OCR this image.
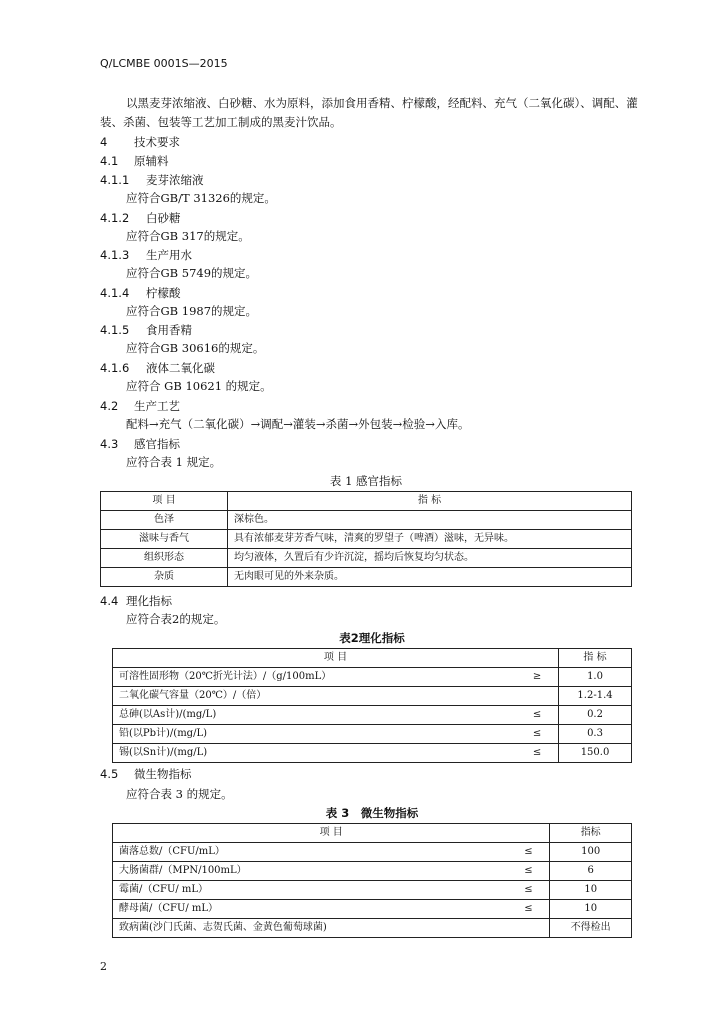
Q/LCMBE 0001S—2015
以黑麦芽浓缩液、白砂糖、水为原料，添加食用香精、柠檬酸，经配料、充气（二氧化碳）、调配、灌装、杀菌、包装等工艺加工制成的黑麦汁饮品。
4 技术要求
4.1 原辅料
4.1.1 麦芽浓缩液
应符合GB/T 31326的规定。
4.1.2 白砂糖
应符合GB 317的规定。
4.1.3 生产用水
应符合GB 5749的规定。
4.1.4 柠檬酸
应符合GB 1987的规定。
4.1.5 食用香精
应符合GB 30616的规定。
4.1.6 液体二氧化碳
应符合 GB 10621 的规定。
4.2 生产工艺
配料→充气（二氧化碳）→调配→灌装→杀菌→外包装→检验→入库。
4.3 感官指标
应符合表 1 规定。
表 1 感官指标
项 目	指 标
色泽	深棕色。
滋味与香气	具有浓郁麦芽芳香气味，清爽的罗望子（啤酒）滋味，无异味。
组织形态	均匀液体，久置后有少许沉淀，摇均后恢复均匀状态。
杂质	无肉眼可见的外来杂质。
4.4 理化指标
应符合表2的规定。
表2理化指标
项 目		指 标
可溶性固形物（20℃折光计法）/（g/100mL）	≥	1.0
二氧化碳气容量（20℃）/（倍）		1.2-1.4
总砷(以As计)/(mg/L)	≤	0.2
铅(以Pb计)/(mg/L)	≤	0.3
锡(以Sn计)/(mg/L)	≤	150.0
4.5 微生物指标
应符合表 3 的规定。
表 3　微生物指标
项 目		指标
菌落总数/（CFU/mL）	≤	100
大肠菌群/（MPN/100mL）	≤	6
霉菌/（CFU/ mL）	≤	10
酵母菌/（CFU/ mL）	≤	10
致病菌(沙门氏菌、志贺氏菌、金黄色葡萄球菌)		不得检出
2
